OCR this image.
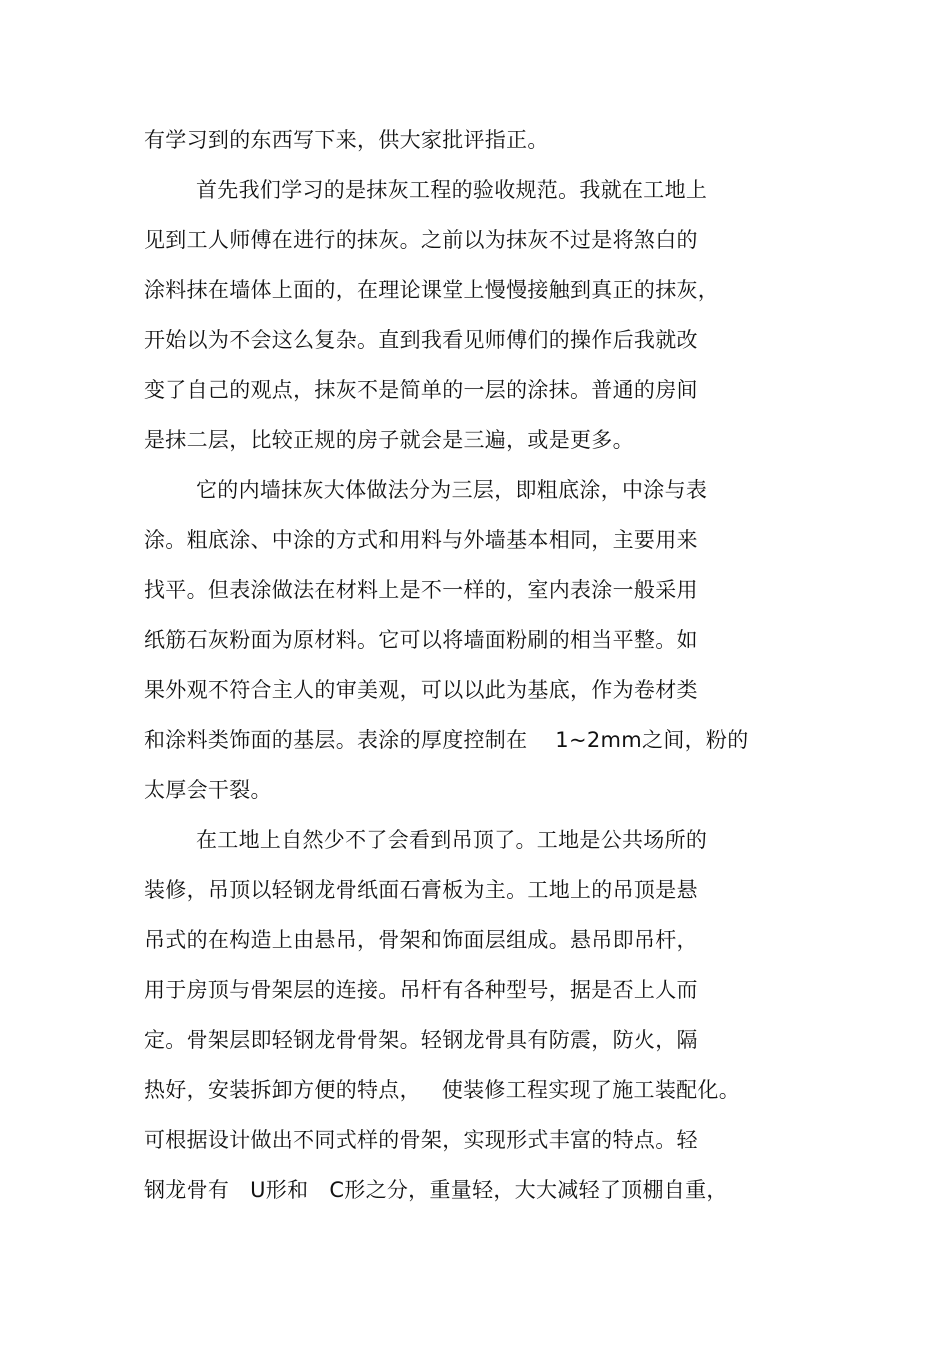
有学习到的东西写下来，供大家批评指正。
首先我们学习的是抹灰工程的验收规范。我就在工地上
见到工人师傅在进行的抹灰。之前以为抹灰不过是将煞白的
涂料抹在墙体上面的，在理论课堂上慢慢接触到真正的抹灰，
开始以为不会这么复杂。直到我看见师傅们的操作后我就改
变了自己的观点，抹灰不是简单的一层的涂抹。普通的房间
是抹二层，比较正规的房子就会是三遍，或是更多。
它的内墙抹灰大体做法分为三层，即粗底涂，中涂与表
涂。粗底涂、中涂的方式和用料与外墙基本相同，主要用来
找平。但表涂做法在材料上是不一样的，室内表涂一般采用
纸筋石灰粉面为原材料。它可以将墙面粉刷的相当平整。如
果外观不符合主人的审美观，可以以此为基底，作为卷材类
和涂料类饰面的基层。表涂的厚度控制在    1~2mm之间，粉的
太厚会干裂。
在工地上自然少不了会看到吊顶了。工地是公共场所的
装修，吊顶以轻钢龙骨纸面石膏板为主。工地上的吊顶是悬
吊式的在构造上由悬吊，骨架和饰面层组成。悬吊即吊杆，
用于房顶与骨架层的连接。吊杆有各种型号，据是否上人而
定。骨架层即轻钢龙骨骨架。轻钢龙骨具有防震，防火，隔
热好，安装拆卸方便的特点，   使装修工程实现了施工装配化。
可根据设计做出不同式样的骨架，实现形式丰富的特点。轻
钢龙骨有   U形和   C形之分，重量轻，大大减轻了顶棚自重，
